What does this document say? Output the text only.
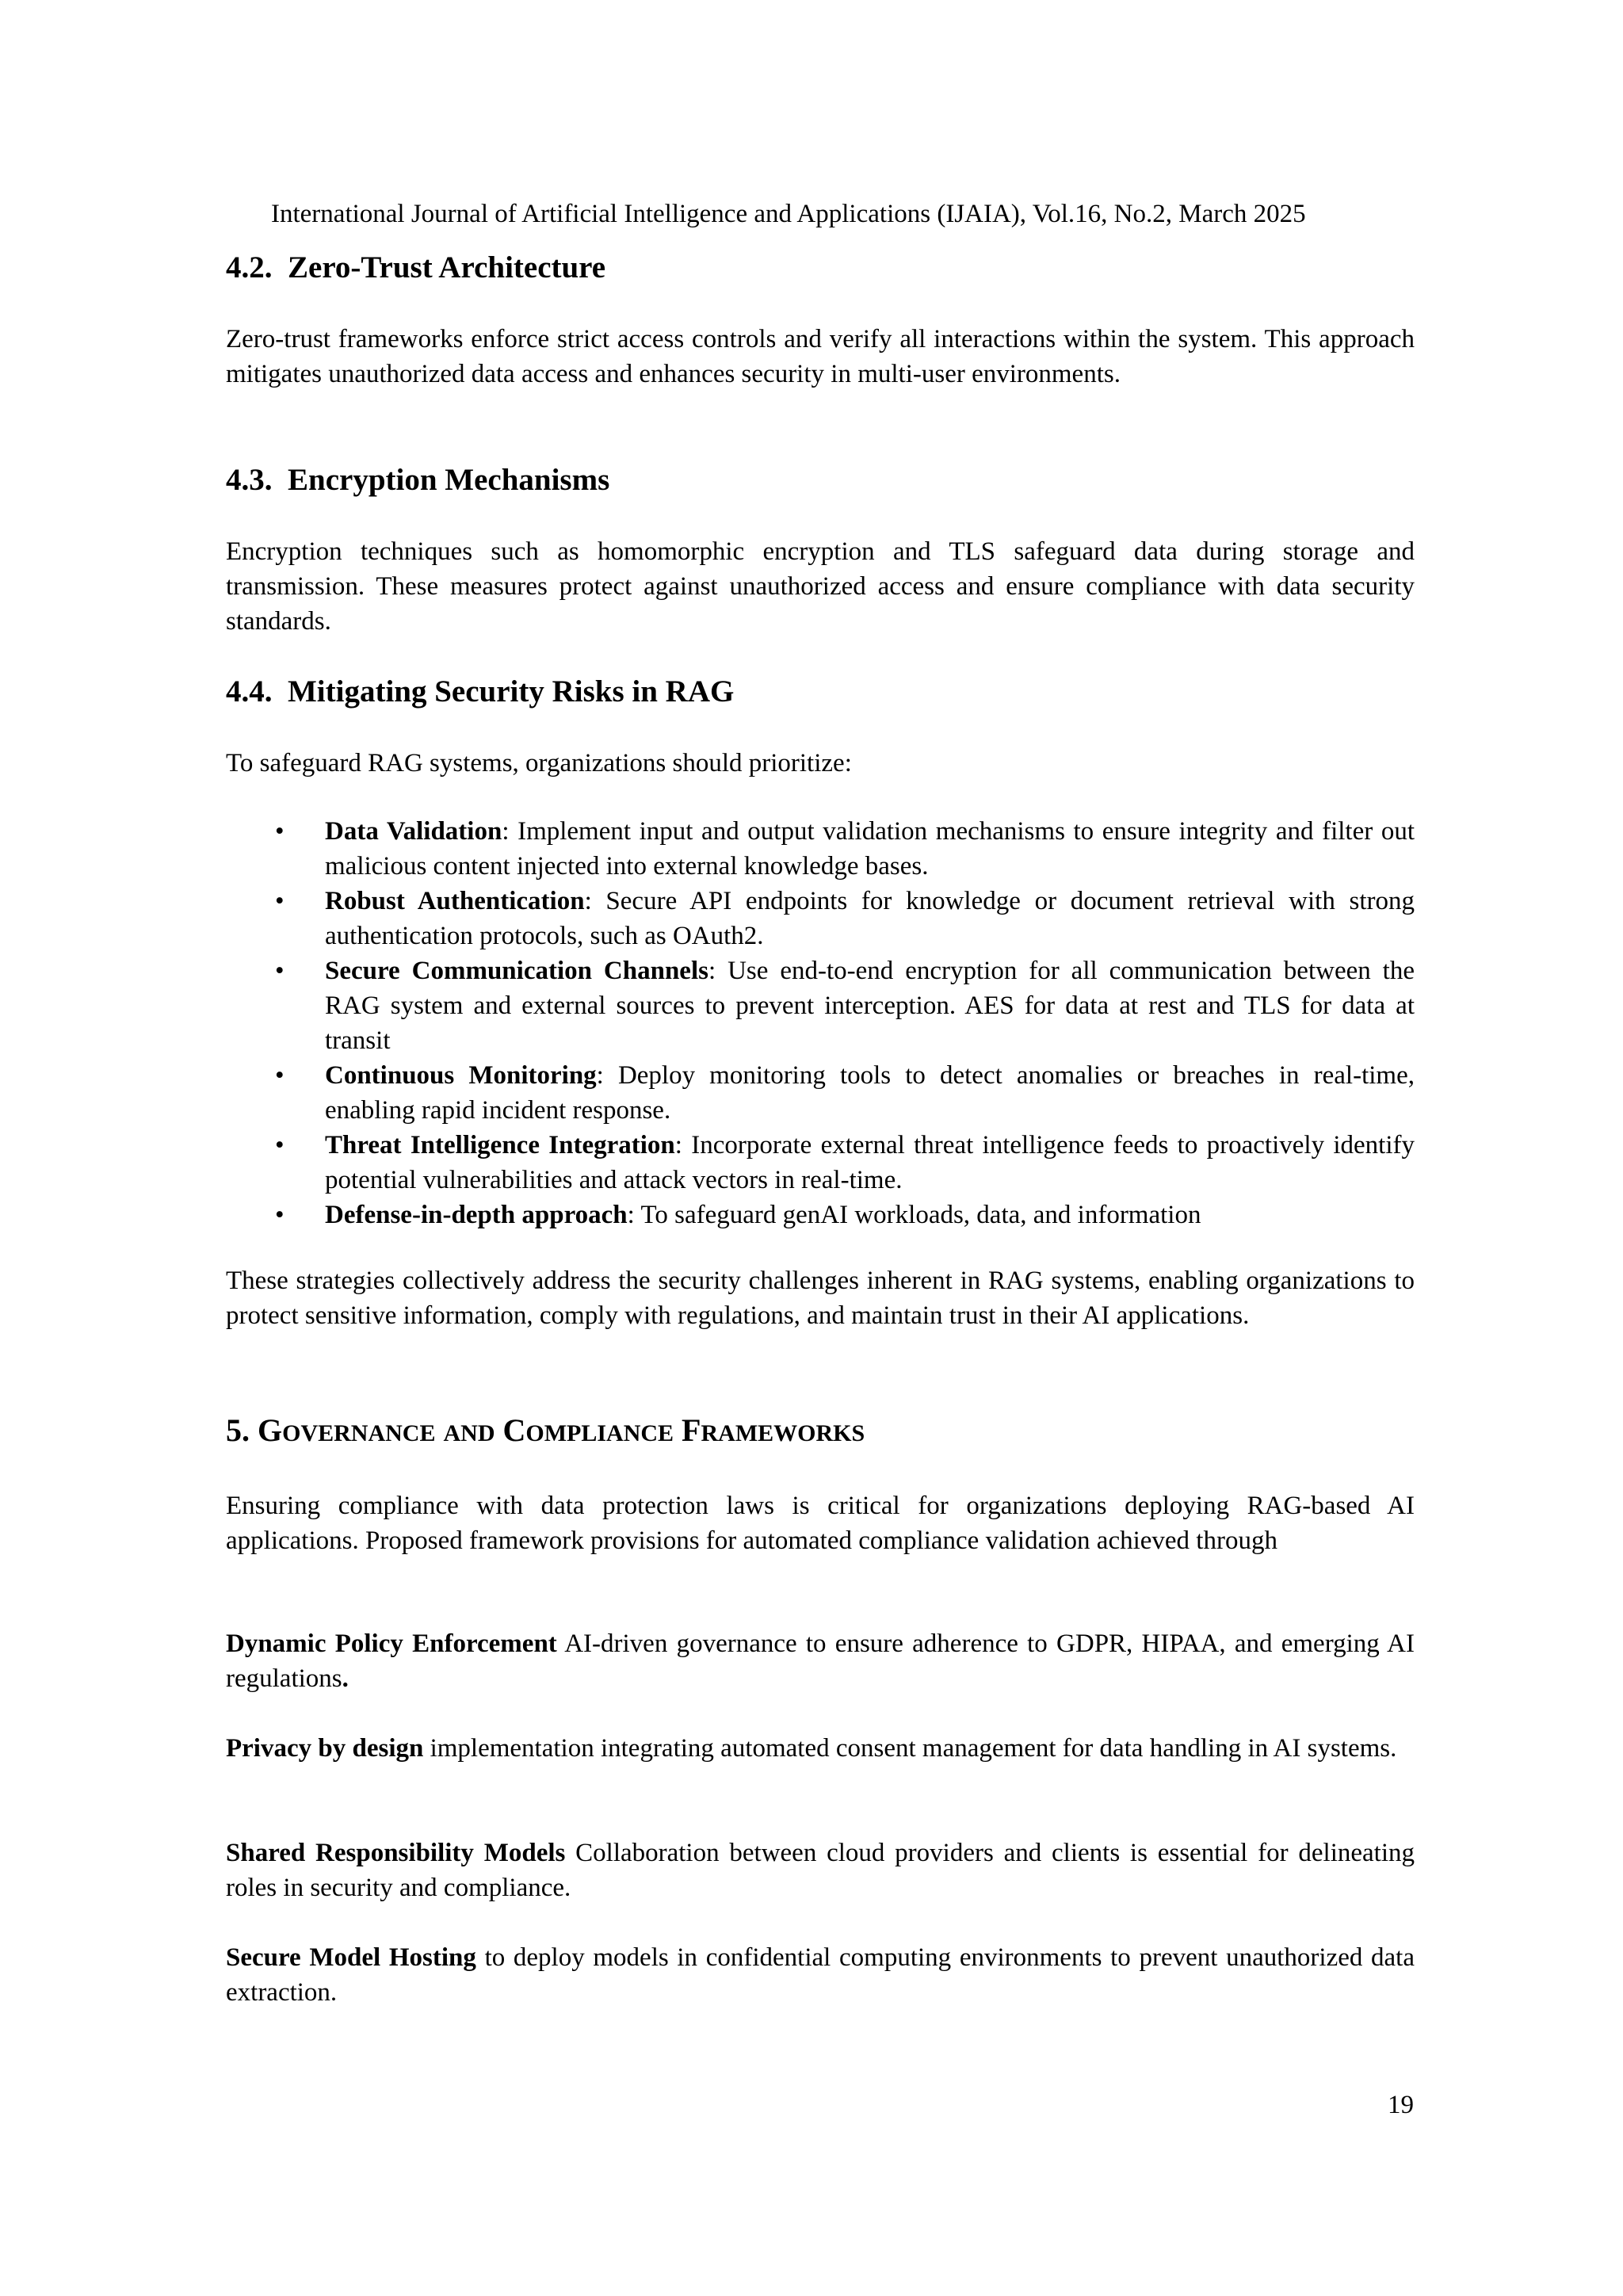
International Journal of Artificial Intelligence and Applications (IJAIA), Vol.16, No.2, March 2025
4.2. Zero-Trust Architecture

Zero-trust frameworks enforce strict access controls and verify all interactions within the system. This approach mitigates unauthorized data access and enhances security in multi-user environments.

4.3. Encryption Mechanisms

Encryption techniques such as homomorphic encryption and TLS safeguard data during storage and transmission. These measures protect against unauthorized access and ensure compliance with data security standards.

4.4. Mitigating Security Risks in RAG

To safeguard RAG systems, organizations should prioritize:

• Data Validation: Implement input and output validation mechanisms to ensure integrity and filter out malicious content injected into external knowledge bases.
• Robust Authentication: Secure API endpoints for knowledge or document retrieval with strong authentication protocols, such as OAuth2.
• Secure Communication Channels: Use end-to-end encryption for all communication between the RAG system and external sources to prevent interception. AES for data at rest and TLS for data at transit
• Continuous Monitoring: Deploy monitoring tools to detect anomalies or breaches in real-time, enabling rapid incident response.
• Threat Intelligence Integration: Incorporate external threat intelligence feeds to proactively identify potential vulnerabilities and attack vectors in real-time.
• Defense-in-depth approach: To safeguard genAI workloads, data, and information

These strategies collectively address the security challenges inherent in RAG systems, enabling organizations to protect sensitive information, comply with regulations, and maintain trust in their AI applications.

5. GOVERNANCE AND COMPLIANCE FRAMEWORKS

Ensuring compliance with data protection laws is critical for organizations deploying RAG-based AI applications. Proposed framework provisions for automated compliance validation achieved through

Dynamic Policy Enforcement AI-driven governance to ensure adherence to GDPR, HIPAA, and emerging AI regulations.

Privacy by design implementation integrating automated consent management for data handling in AI systems.

Shared Responsibility Models Collaboration between cloud providers and clients is essential for delineating roles in security and compliance.

Secure Model Hosting to deploy models in confidential computing environments to prevent unauthorized data extraction.

19
